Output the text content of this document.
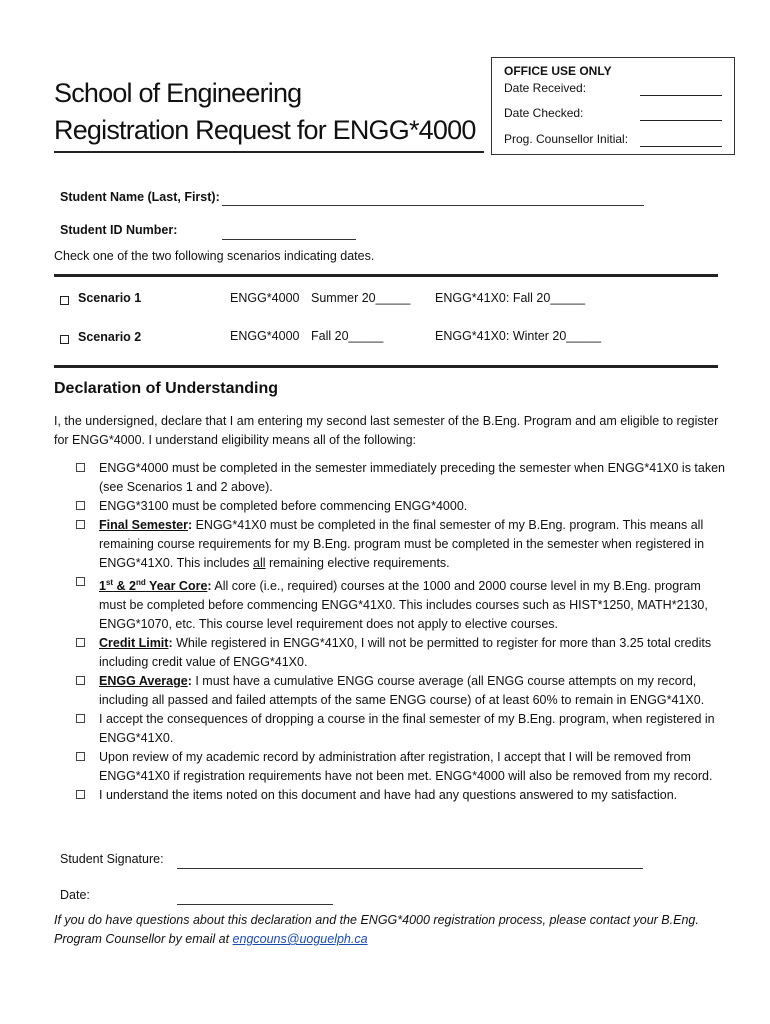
School of Engineering
Registration Request for ENGG*4000
OFFICE USE ONLY
Date Received:
Date Checked:
Prog. Counsellor Initial:
Student Name (Last, First):
Student ID Number:
Check one of the two following scenarios indicating dates.
Scenario 1	ENGG*4000 Summer 20_____ ENGG*41X0: Fall 20_____
Scenario 2	ENGG*4000 Fall 20_____	ENGG*41X0: Winter 20_____
Declaration of Understanding
I, the undersigned, declare that I am entering my second last semester of the B.Eng. Program and am eligible to register for ENGG*4000. I understand eligibility means all of the following:
ENGG*4000 must be completed in the semester immediately preceding the semester when ENGG*41X0 is taken (see Scenarios 1 and 2 above).
ENGG*3100 must be completed before commencing ENGG*4000.
Final Semester: ENGG*41X0 must be completed in the final semester of my B.Eng. program. This means all remaining course requirements for my B.Eng. program must be completed in the semester when registered in ENGG*41X0. This includes all remaining elective requirements.
1st & 2nd Year Core: All core (i.e., required) courses at the 1000 and 2000 course level in my B.Eng. program must be completed before commencing ENGG*41X0. This includes courses such as HIST*1250, MATH*2130, ENGG*1070, etc. This course level requirement does not apply to elective courses.
Credit Limit: While registered in ENGG*41X0, I will not be permitted to register for more than 3.25 total credits including credit value of ENGG*41X0.
ENGG Average: I must have a cumulative ENGG course average (all ENGG course attempts on my record, including all passed and failed attempts of the same ENGG course) of at least 60% to remain in ENGG*41X0.
I accept the consequences of dropping a course in the final semester of my B.Eng. program, when registered in ENGG*41X0.
Upon review of my academic record by administration after registration, I accept that I will be removed from ENGG*41X0 if registration requirements have not been met. ENGG*4000 will also be removed from my record.
I understand the items noted on this document and have had any questions answered to my satisfaction.
Student Signature:
Date:
If you do have questions about this declaration and the ENGG*4000 registration process, please contact your B.Eng. Program Counsellor by email at engcouns@uoguelph.ca
